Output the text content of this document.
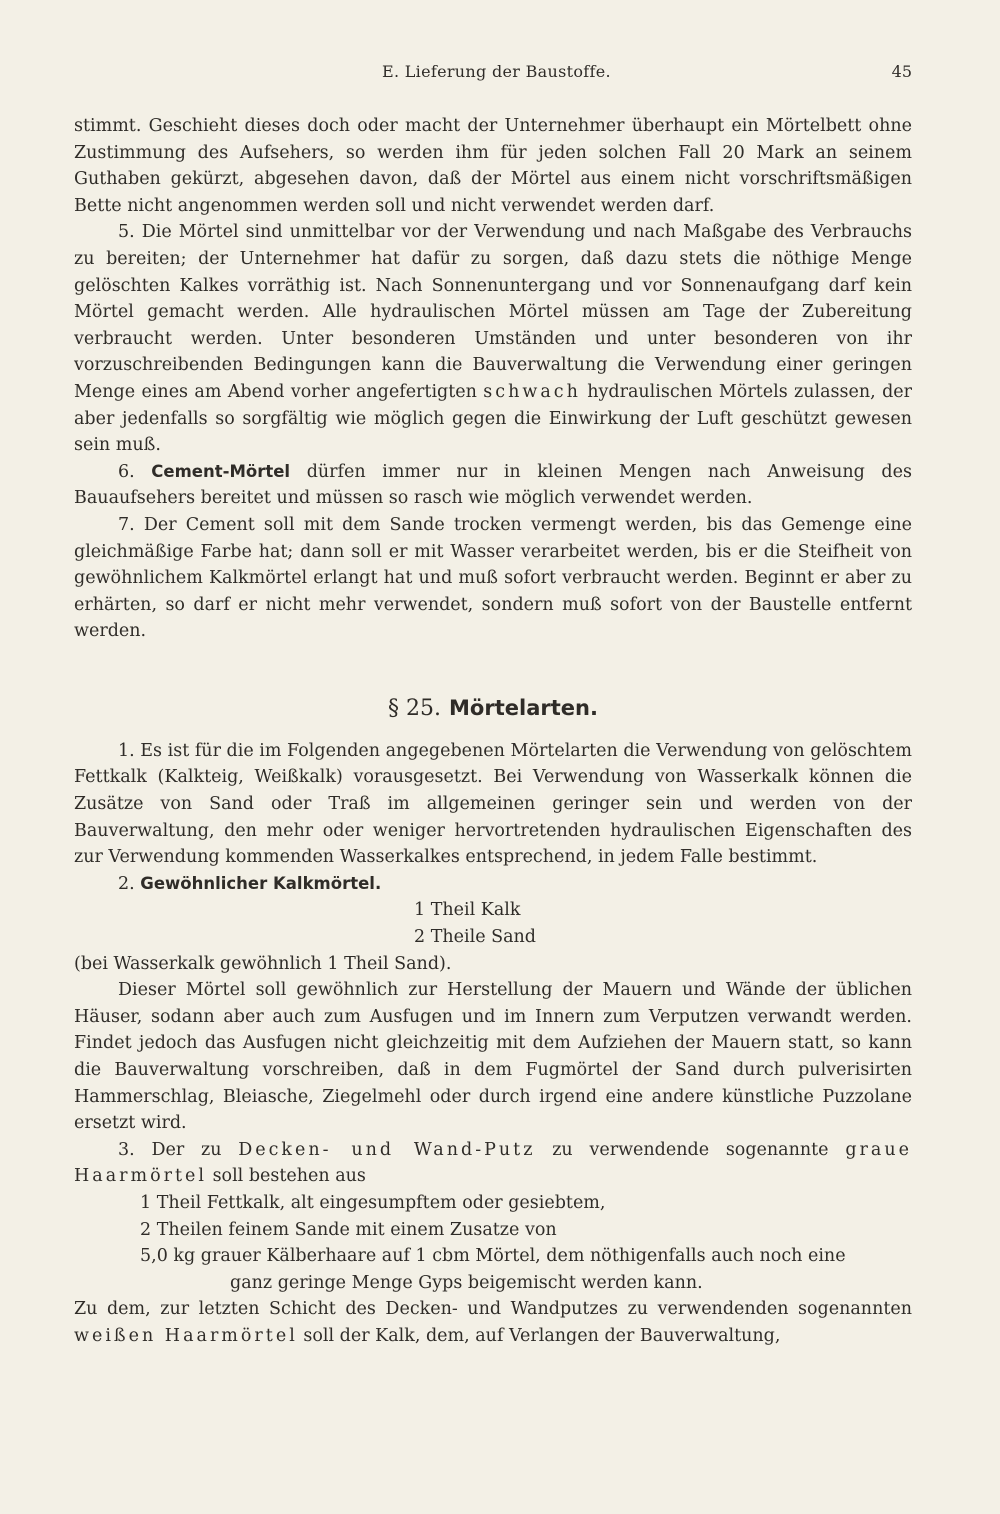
E. Lieferung der Baustoffe.	45

stimmt. Geschieht dieses doch oder macht der Unternehmer überhaupt ein Mörtelbett ohne Zustimmung des Aufsehers, so werden ihm für jeden solchen Fall 20 Mark an seinem Guthaben gekürzt, abgesehen davon, daß der Mörtel aus einem nicht vorschriftsmäßigen Bette nicht angenommen werden soll und nicht verwendet werden darf.

5. Die Mörtel sind unmittelbar vor der Verwendung und nach Maßgabe des Verbrauchs zu bereiten; der Unternehmer hat dafür zu sorgen, daß dazu stets die nöthige Menge gelöschten Kalkes vorräthig ist. Nach Sonnenuntergang und vor Sonnenaufgang darf kein Mörtel gemacht werden. Alle hydraulischen Mörtel müssen am Tage der Zubereitung verbraucht werden. Unter besonderen Umständen und unter besonderen von ihr vorzuschreibenden Bedingungen kann die Bauverwaltung die Verwendung einer geringen Menge eines am Abend vorher angefertigten schwach hydraulischen Mörtels zulassen, der aber jedenfalls so sorgfältig wie möglich gegen die Einwirkung der Luft geschützt gewesen sein muß.

6. Cement-Mörtel dürfen immer nur in kleinen Mengen nach Anweisung des Bauaufsehers bereitet und müssen so rasch wie möglich verwendet werden.

7. Der Cement soll mit dem Sande trocken vermengt werden, bis das Gemenge eine gleichmäßige Farbe hat; dann soll er mit Wasser verarbeitet werden, bis er die Steifheit von gewöhnlichem Kalkmörtel erlangt hat und muß sofort verbraucht werden. Beginnt er aber zu erhärten, so darf er nicht mehr verwendet, sondern muß sofort von der Baustelle entfernt werden.

§ 25. Mörtelarten.

1. Es ist für die im Folgenden angegebenen Mörtelarten die Verwendung von gelöschtem Fettkalk (Kalkteig, Weißkalk) vorausgesetzt. Bei Verwendung von Wasserkalk können die Zusätze von Sand oder Traß im allgemeinen geringer sein und werden von der Bauverwaltung, den mehr oder weniger hervortretenden hydraulischen Eigenschaften des zur Verwendung kommenden Wasserkalkes entsprechend, in jedem Falle bestimmt.

2. Gewöhnlicher Kalkmörtel.

1 Theil Kalk
2 Theile Sand

(bei Wasserkalk gewöhnlich 1 Theil Sand).

Dieser Mörtel soll gewöhnlich zur Herstellung der Mauern und Wände der üblichen Häuser, sodann aber auch zum Ausfugen und im Innern zum Verputzen verwandt werden. Findet jedoch das Ausfugen nicht gleichzeitig mit dem Aufziehen der Mauern statt, so kann die Bauverwaltung vorschreiben, daß in dem Fugmörtel der Sand durch pulverisirten Hammerschlag, Bleiasche, Ziegelmehl oder durch irgend eine andere künstliche Puzzolane ersetzt wird.

3. Der zu Decken- und Wand-Putz zu verwendende sogenannte graue Haarmörtel soll bestehen aus

1 Theil Fettkalk, alt eingesumpftem oder gesiebtem,
2 Theilen feinem Sande mit einem Zusatze von
5,0 kg grauer Kälberhaare auf 1 cbm Mörtel, dem nöthigenfalls auch noch eine
ganz geringe Menge Gyps beigemischt werden kann.

Zu dem, zur letzten Schicht des Decken- und Wandputzes zu verwendenden sogenannten weißen Haarmörtel soll der Kalk, dem, auf Verlangen der Bauverwaltung,
